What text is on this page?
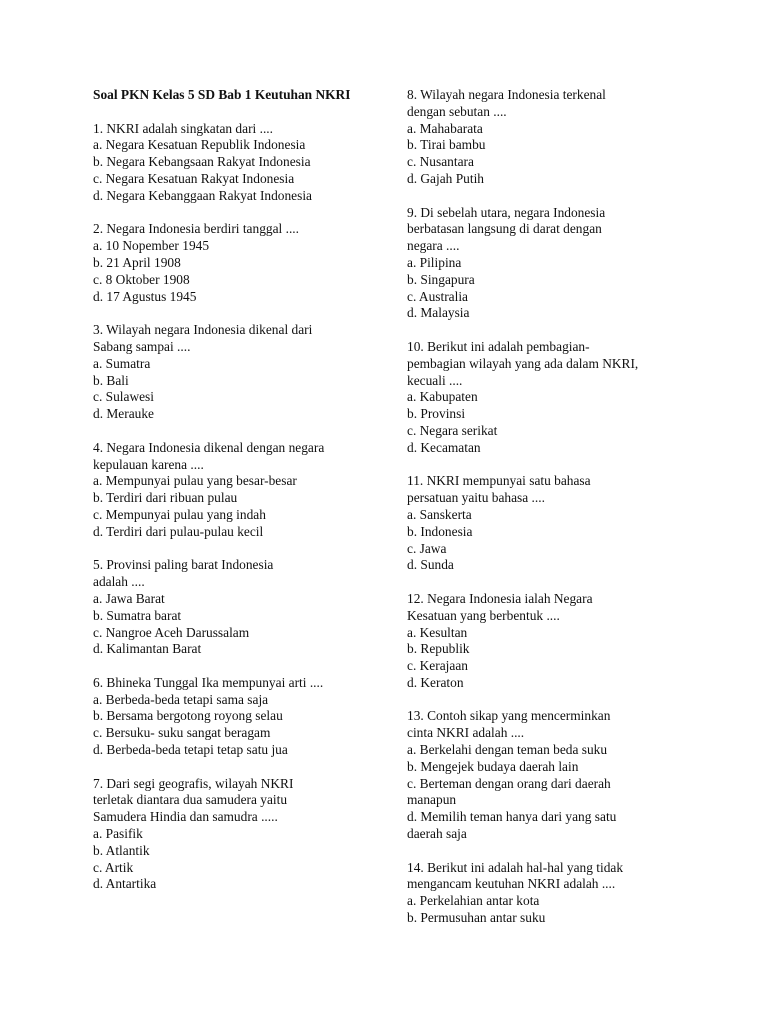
Soal PKN Kelas 5 SD Bab 1 Keutuhan NKRI
1. NKRI adalah singkatan dari ....
a. Negara Kesatuan Republik Indonesia
b. Negara Kebangsaan Rakyat Indonesia
c. Negara Kesatuan Rakyat Indonesia
d. Negara Kebanggaan Rakyat Indonesia
2. Negara Indonesia berdiri tanggal ....
a. 10 Nopember 1945
b. 21 April 1908
c. 8 Oktober 1908
d. 17 Agustus 1945
3. Wilayah negara Indonesia dikenal dari
Sabang sampai ....
a. Sumatra
b. Bali
c. Sulawesi
d. Merauke
4. Negara Indonesia dikenal dengan negara
kepulauan karena ....
a. Mempunyai pulau yang besar-besar
b. Terdiri dari ribuan pulau
c. Mempunyai pulau yang indah
d. Terdiri dari pulau-pulau kecil
5. Provinsi paling barat Indonesia
adalah ....
a. Jawa Barat
b. Sumatra barat
c. Nangroe Aceh Darussalam
d. Kalimantan Barat
6. Bhineka Tunggal Ika mempunyai arti ....
a. Berbeda-beda tetapi sama saja
b. Bersama bergotong royong selau
c. Bersuku- suku sangat beragam
d. Berbeda-beda tetapi tetap satu jua
7. Dari segi geografis, wilayah NKRI
terletak diantara dua samudera yaitu
Samudera Hindia dan samudra .....
a. Pasifik
b. Atlantik
c. Artik
d. Antartika
8. Wilayah negara Indonesia terkenal
dengan sebutan ....
a. Mahabarata
b. Tirai bambu
c. Nusantara
d. Gajah Putih
9. Di sebelah utara, negara Indonesia
berbatasan langsung di darat dengan
negara ....
a. Pilipina
b. Singapura
c. Australia
d. Malaysia
10. Berikut ini adalah pembagian-
pembagian wilayah yang ada dalam NKRI,
kecuali ....
a. Kabupaten
b. Provinsi
c. Negara serikat
d. Kecamatan
11. NKRI mempunyai satu bahasa
persatuan yaitu bahasa ....
a. Sanskerta
b. Indonesia
c. Jawa
d. Sunda
12. Negara Indonesia ialah Negara
Kesatuan yang berbentuk ....
a. Kesultan
b. Republik
c. Kerajaan
d. Keraton
13. Contoh sikap yang mencerminkan
cinta NKRI adalah ....
a. Berkelahi dengan teman beda suku
b. Mengejek budaya daerah lain
c. Berteman dengan orang dari daerah
manapun
d. Memilih teman hanya dari yang satu
daerah saja
14. Berikut ini adalah hal-hal yang tidak
mengancam keutuhan NKRI adalah ....
a. Perkelahian antar kota
b. Permusuhan antar suku
